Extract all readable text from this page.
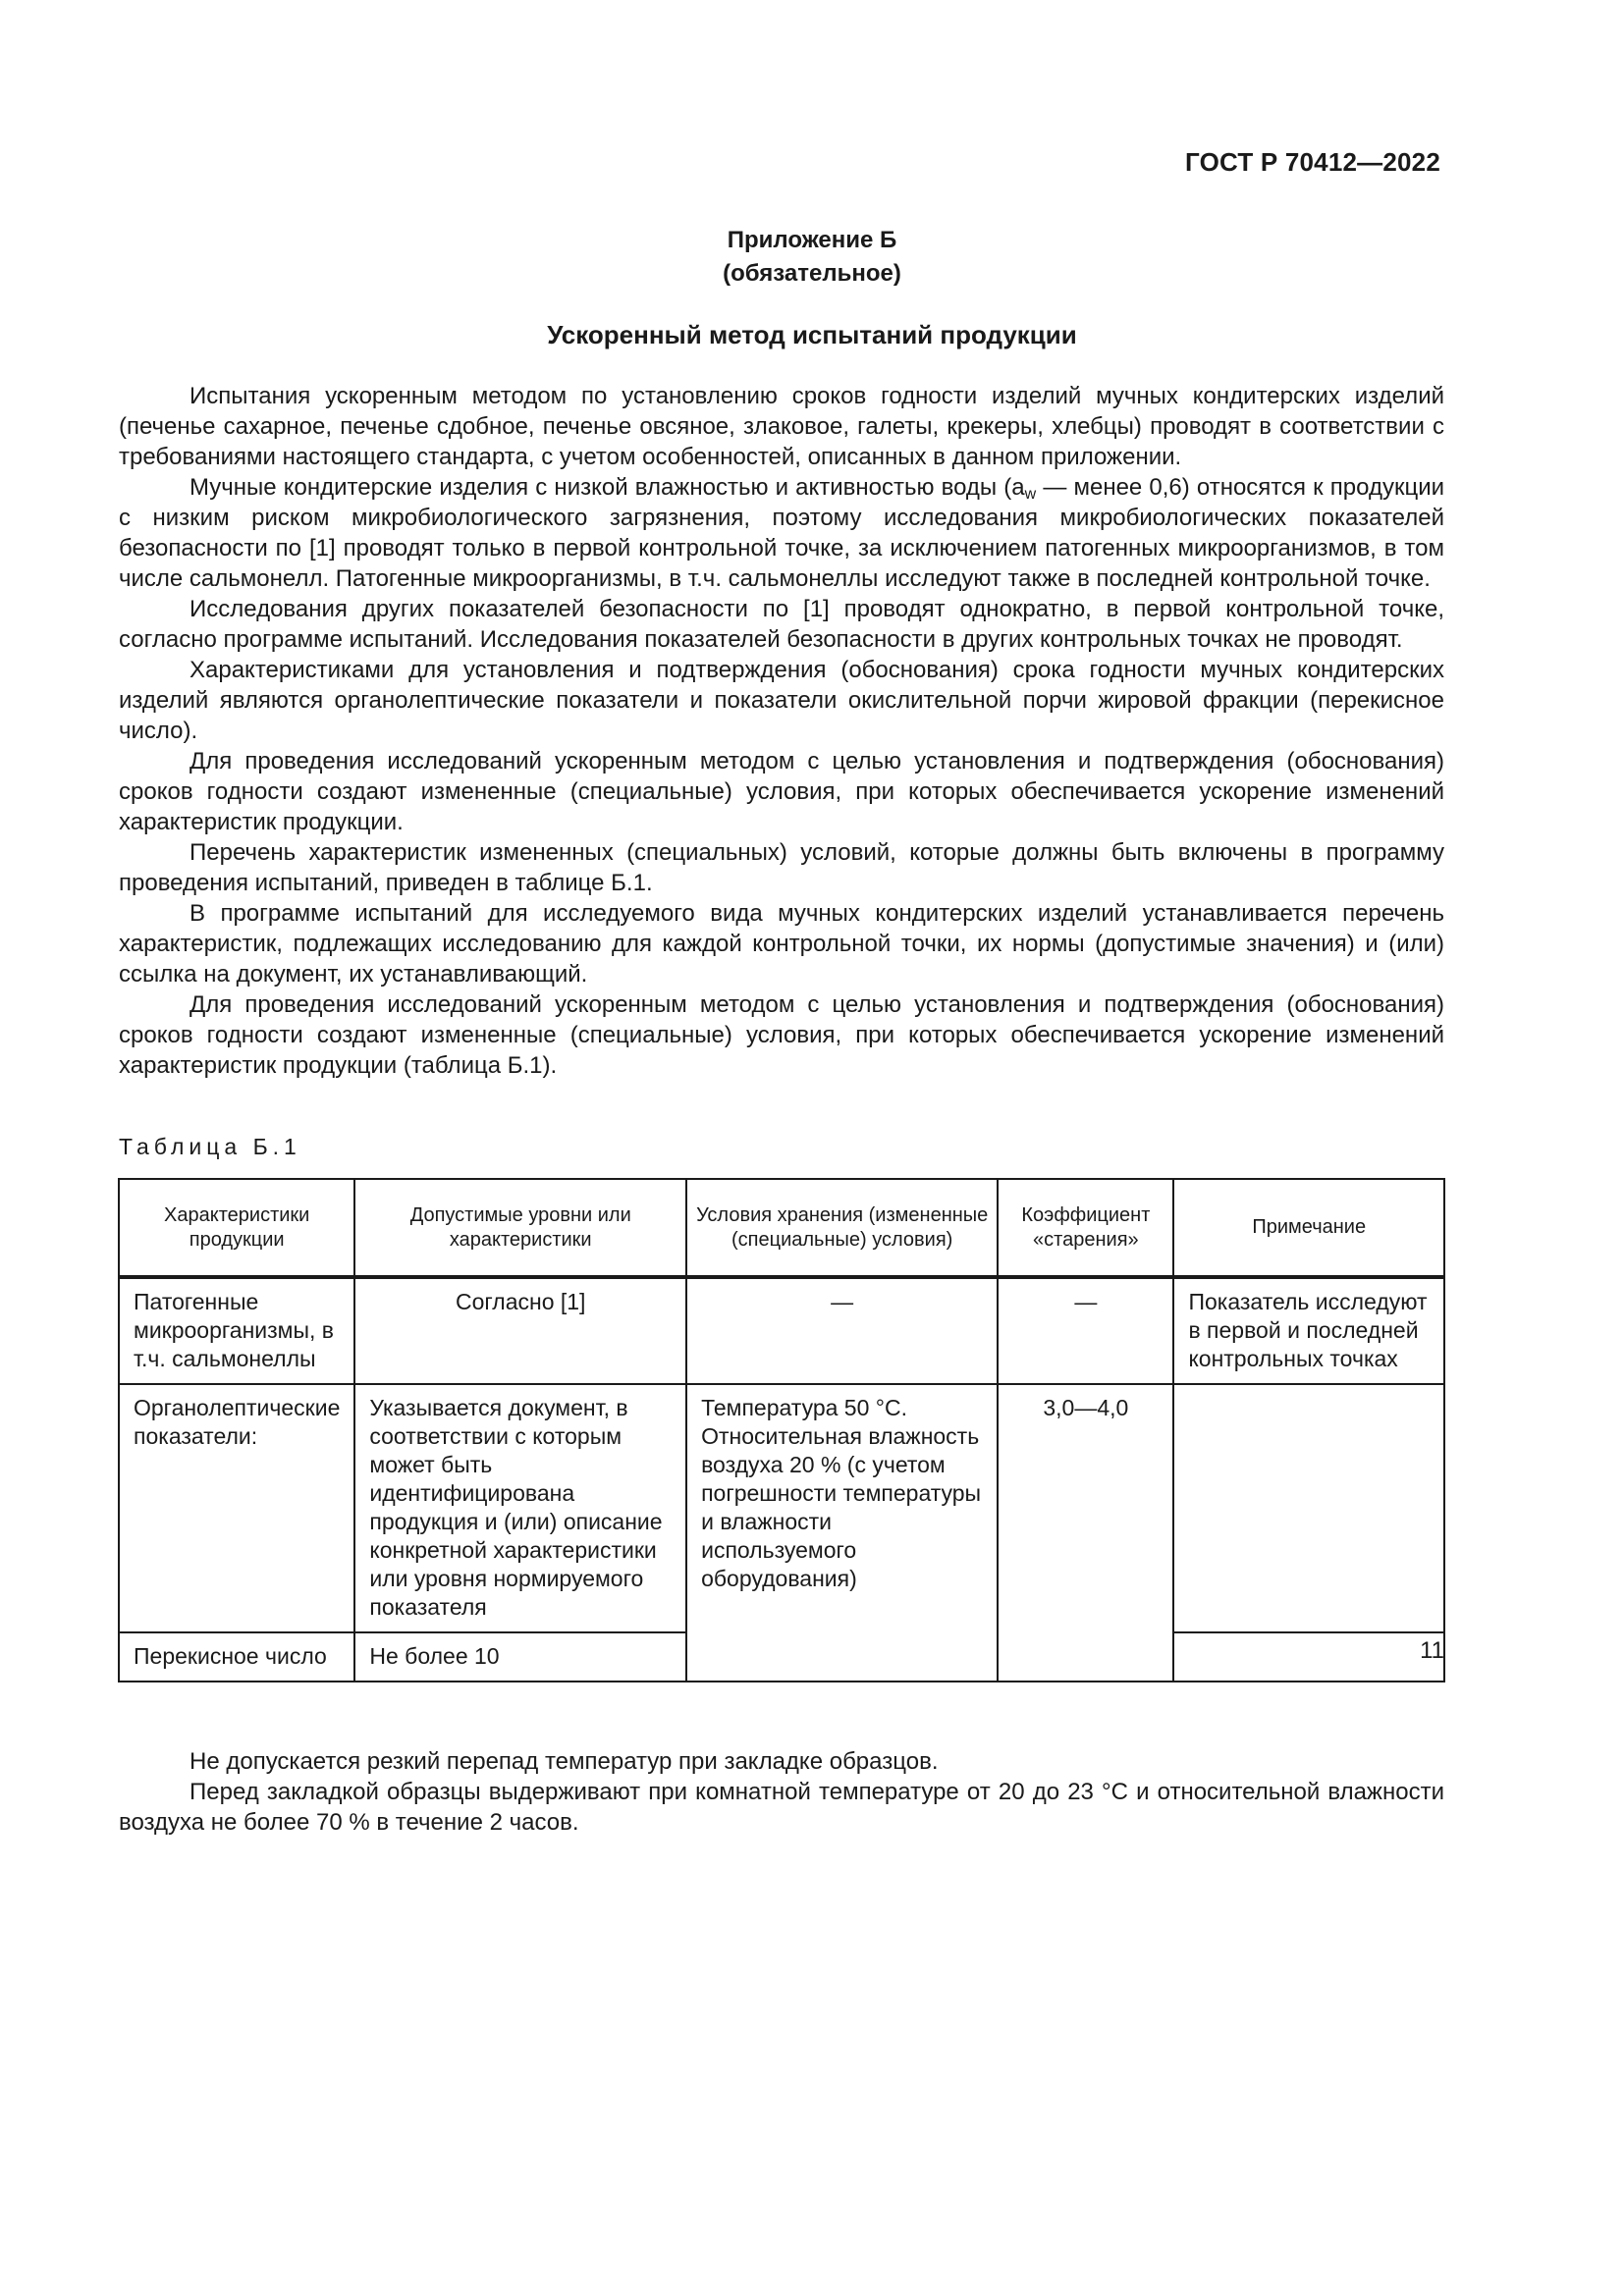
ГОСТ Р 70412—2022
Приложение Б
(обязательное)
Ускоренный метод испытаний продукции

Испытания ускоренным методом по установлению сроков годности изделий мучных кондитерских изделий (печенье сахарное, печенье сдобное, печенье овсяное, злаковое, галеты, крекеры, хлебцы) проводят в соответствии с требованиями настоящего стандарта, с учетом особенностей, описанных в данном приложении.

Мучные кондитерские изделия с низкой влажностью и активностью воды ($a_w$ — менее 0,6) относятся к продукции с низким риском микробиологического загрязнения, поэтому исследования микробиологических показателей безопасности по [1] проводят только в первой контрольной точке, за исключением патогенных микроорганизмов, в том числе сальмонелл. Патогенные микроорганизмы, в т.ч. сальмонеллы исследуют также в последней контрольной точке.

Исследования других показателей безопасности по [1] проводят однократно, в первой контрольной точке, согласно программе испытаний. Исследования показателей безопасности в других контрольных точках не проводят.

Характеристиками для установления и подтверждения (обоснования) срока годности мучных кондитерских изделий являются органолептические показатели и показатели окислительной порчи жировой фракции (перекисное число).

Для проведения исследований ускоренным методом с целью установления и подтверждения (обоснования) сроков годности создают измененные (специальные) условия, при которых обеспечивается ускорение изменений характеристик продукции.

Перечень характеристик измененных (специальных) условий, которые должны быть включены в программу проведения испытаний, приведен в таблице Б.1.

В программе испытаний для исследуемого вида мучных кондитерских изделий устанавливается перечень характеристик, подлежащих исследованию для каждой контрольной точки, их нормы (допустимые значения) и (или) ссылка на документ, их устанавливающий.

Для проведения исследований ускоренным методом с целью установления и подтверждения (обоснования) сроков годности создают измененные (специальные) условия, при которых обеспечивается ускорение изменений характеристик продукции (таблица Б.1).

Таблица Б.1
Характеристики продукции	Допустимые уровни или характеристики	Условия хранения (измененные (специальные) условия)	Коэффициент «старения»	Примечание
Патогенные микроорганизмы, в т.ч. сальмонеллы	Согласно [1]	—	—	Показатель исследуют в первой и последней контрольных точках
Органолептические показатели:	Указывается документ, в соответствии с которым может быть идентифицирована продукция и (или) описание конкретной характеристики или уровня нормируемого показателя	Температура 50 °С. Относительная влажность воздуха 20 % (с учетом погрешности температуры и влажности используемого оборудования)	3,0—4,0	
Перекисное число	Не более 10			

Не допускается резкий перепад температур при закладке образцов.

Перед закладкой образцы выдерживают при комнатной температуре от 20 до 23 °С и относительной влажности воздуха не более 70 % в течение 2 часов.

11
